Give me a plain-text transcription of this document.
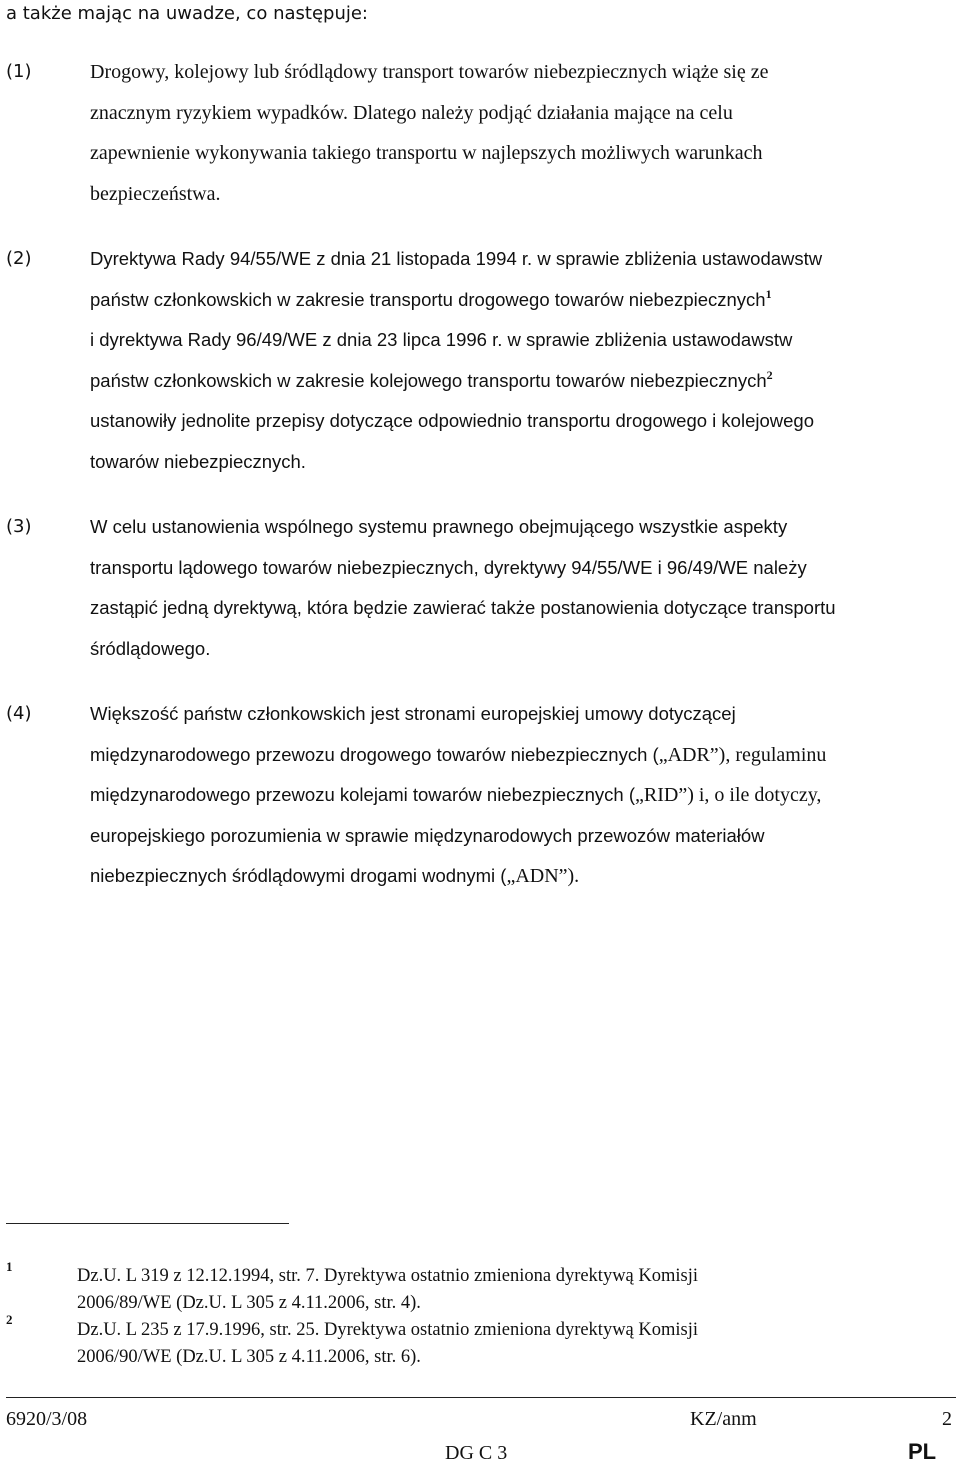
a także mając na uwadze, co następuje:
(1)	Drogowy, kolejowy lub śródlądowy transport towarów niebezpiecznych wiąże się ze
znacznym ryzykiem wypadków. Dlatego należy podjąć działania mające na celu
zapewnienie wykonywania takiego transportu w najlepszych możliwych warunkach
bezpieczeństwa.
(2)	Dyrektywa Rady 94/55/WE z dnia 21 listopada 1994 r. w sprawie zbliżenia ustawodawstw
państw członkowskich w zakresie transportu drogowego towarów niebezpiecznych$^1$
i dyrektywa Rady 96/49/WE z dnia 23 lipca 1996 r. w sprawie zbliżenia ustawodawstw
państw członkowskich w zakresie kolejowego transportu towarów niebezpiecznych$^2$
ustanowiły jednolite przepisy dotyczące odpowiednio transportu drogowego i kolejowego
towarów niebezpiecznych.
(3)	W celu ustanowienia wspólnego systemu prawnego obejmującego wszystkie aspekty
transportu lądowego towarów niebezpiecznych, dyrektywy 94/55/WE i 96/49/WE należy
zastąpić jedną dyrektywą, która będzie zawierać także postanowienia dotyczące transportu
śródlądowego.
(4)	Większość państw członkowskich jest stronami europejskiej umowy dotyczącej
międzynarodowego przewozu drogowego towarów niebezpiecznych („ADR”), regulaminu
międzynarodowego przewozu kolejami towarów niebezpiecznych („RID”) i, o ile dotyczy,
europejskiego porozumienia w sprawie międzynarodowych przewozów materiałów
niebezpiecznych śródlądowymi drogami wodnymi („ADN”).
1	Dz.U. L 319 z 12.12.1994, str. 7. Dyrektywa ostatnio zmieniona dyrektywą Komisji
2006/89/WE (Dz.U. L 305 z 4.11.2006, str. 4).
2
Dz.U. L 235 z 17.9.1996, str. 25. Dyrektywa ostatnio zmieniona dyrektywą Komisji
2006/90/WE (Dz.U. L 305 z 4.11.2006, str. 6).
6920/3/08	KZ/anm	2
DG C 3	PL
